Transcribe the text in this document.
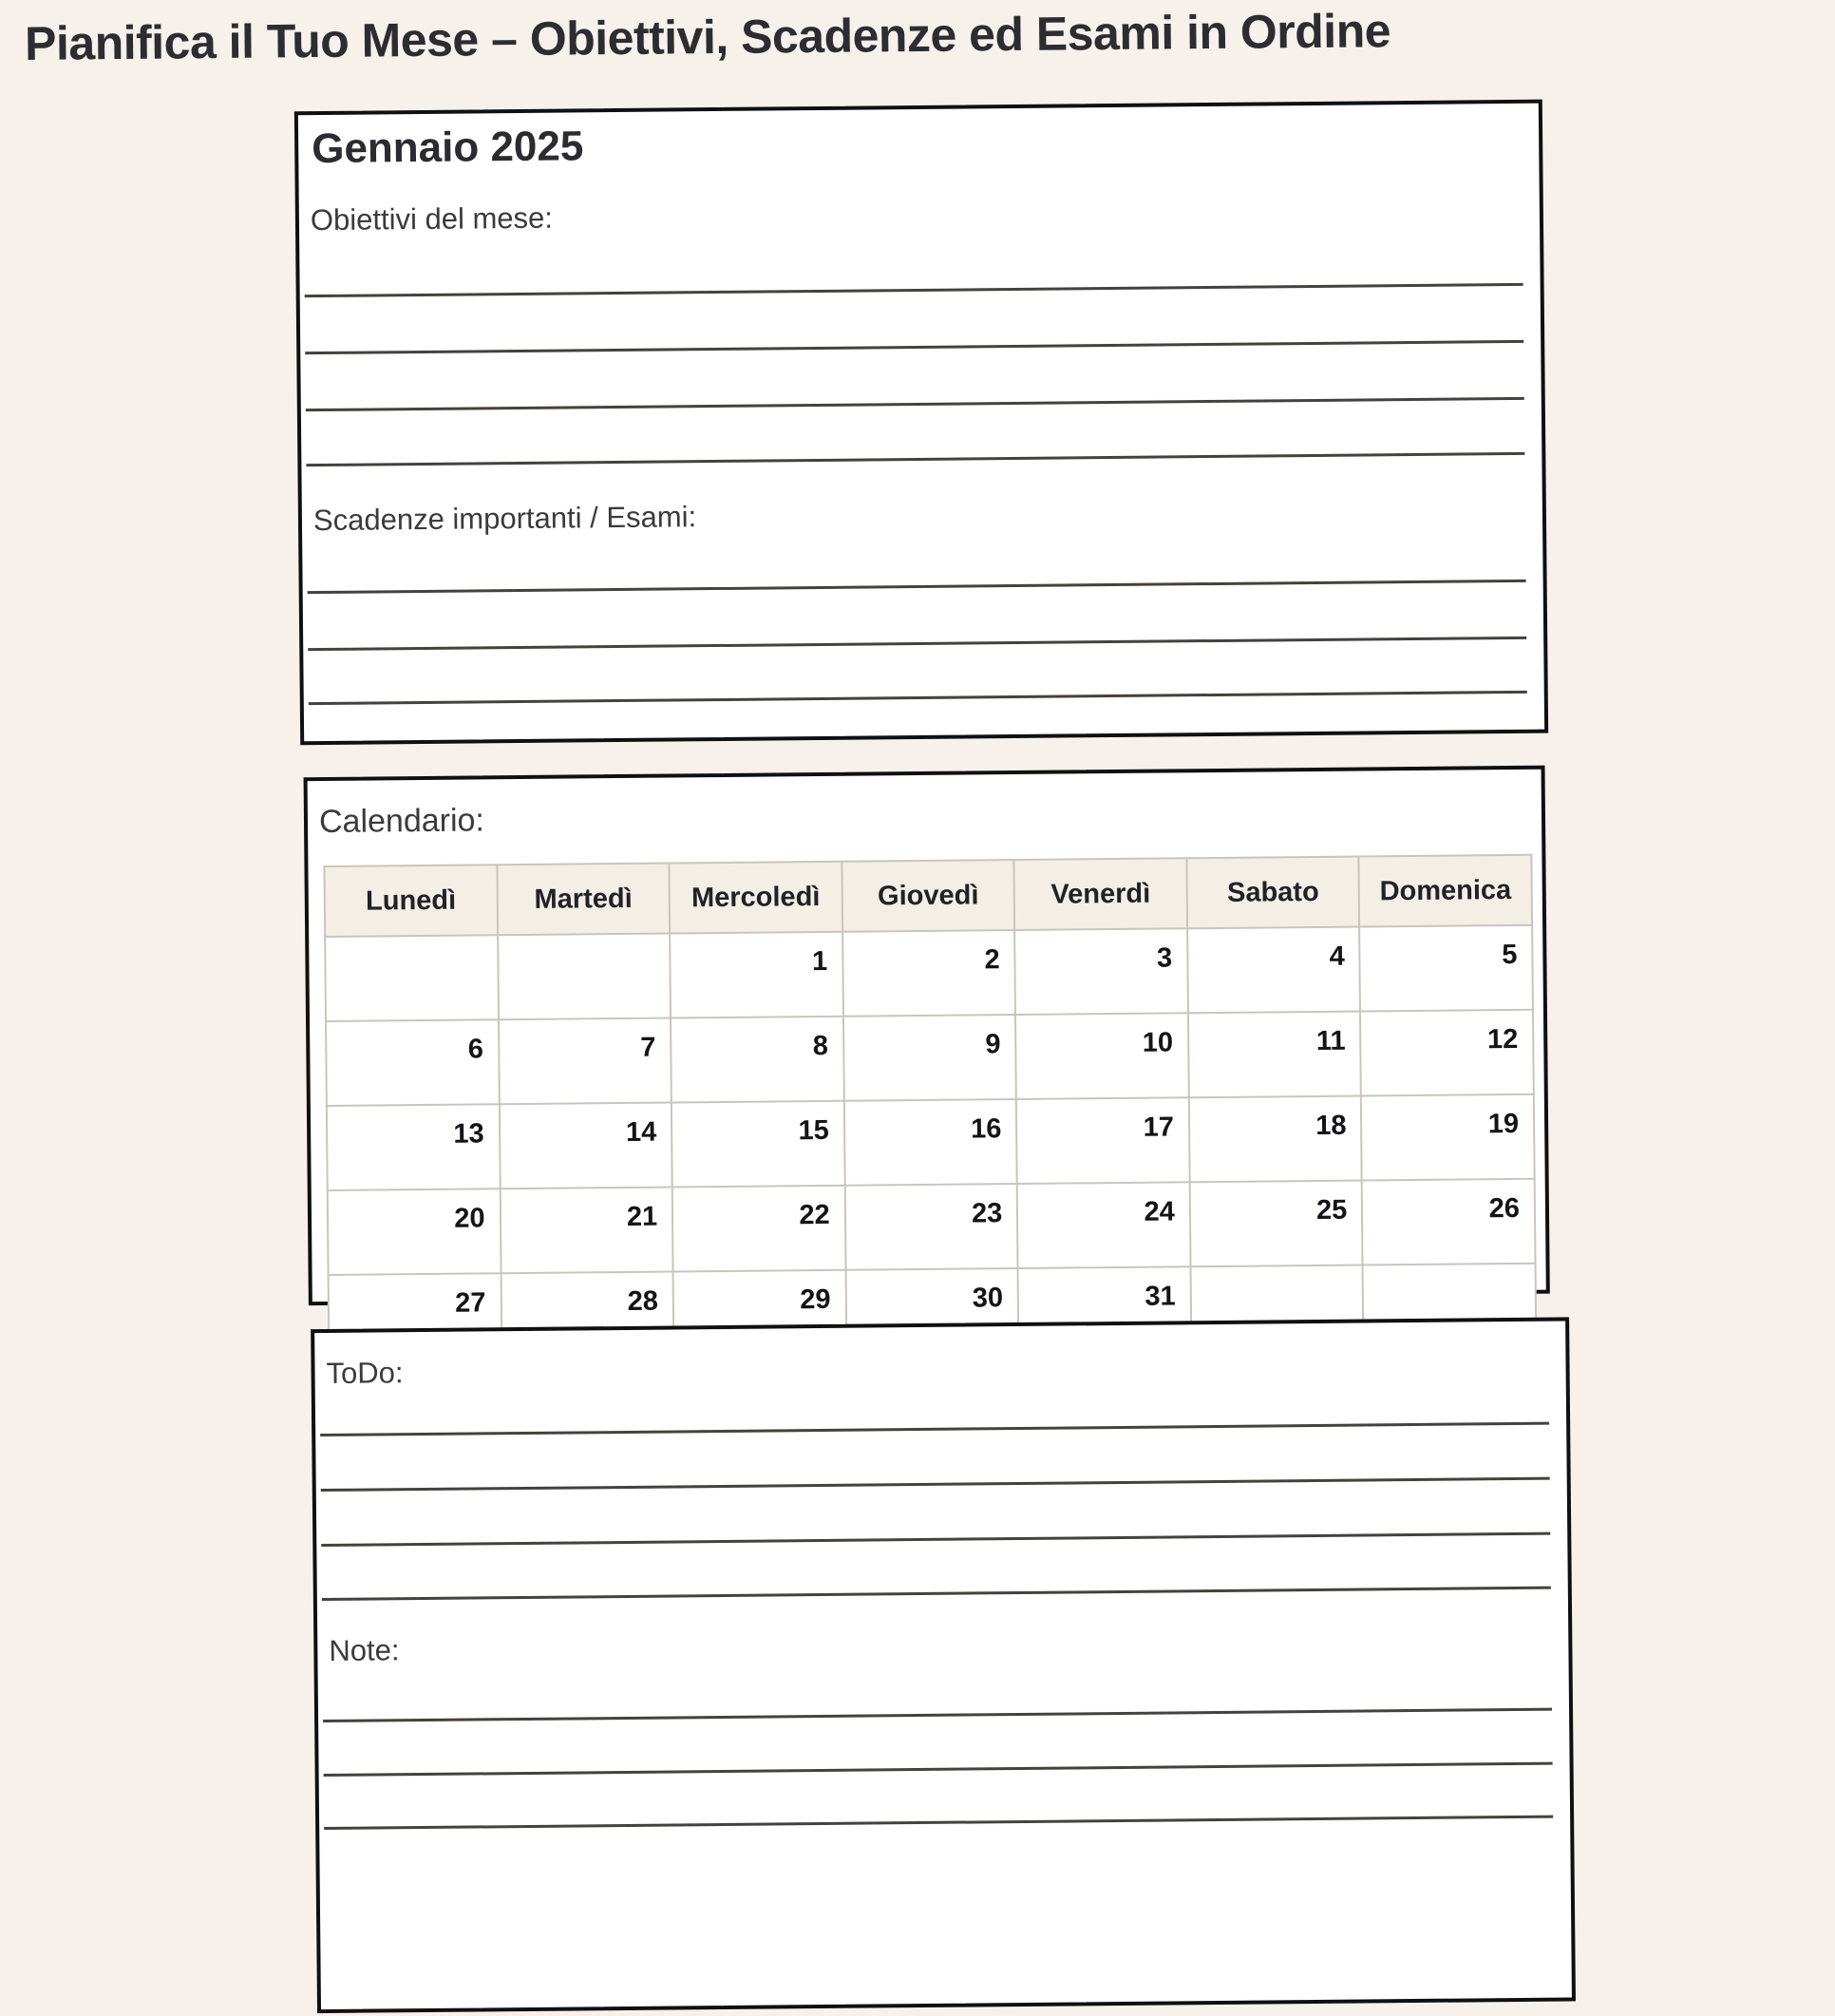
Pianifica il Tuo Mese – Obiettivi, Scadenze ed Esami in Ordine
Gennaio 2025
Obiettivi del mese:
Scadenze importanti / Esami:
Calendario:
Lunedì	Martedì	Mercoledì	Giovedì	Venerdì	Sabato	Domenica
		1	2	3	4	5
6	7	8	9	10	11	12
13	14	15	16	17	18	19
20	21	22	23	24	25	26
27	28	29	30	31		
ToDo:
Note:
